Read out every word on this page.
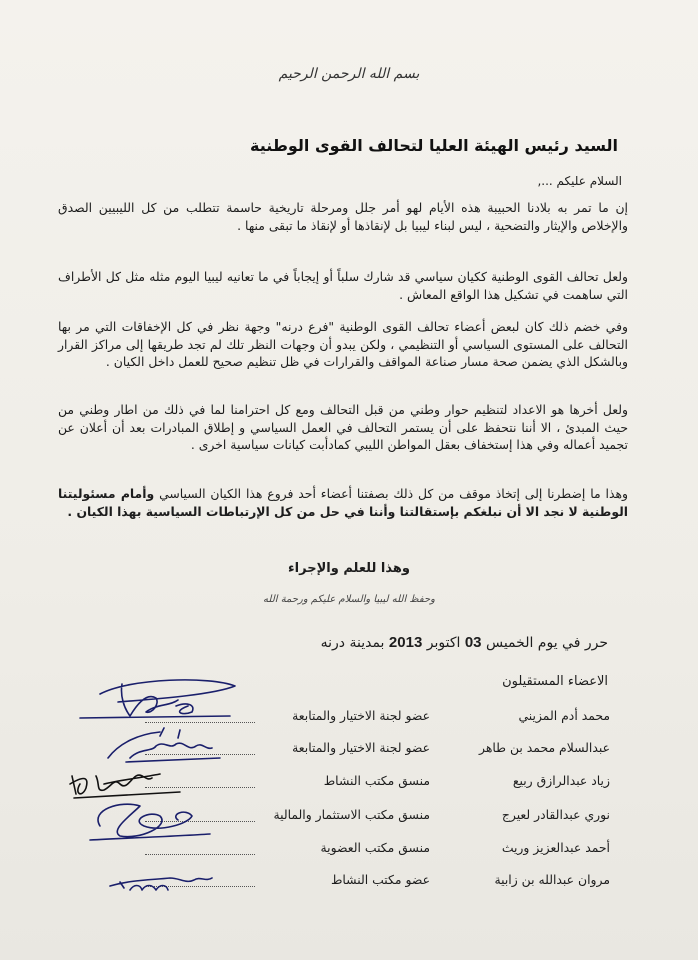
بسم الله الرحمن الرحيم
السيد رئيس الهيئة العليا لتحالف القوى الوطنية
السلام عليكم ...,

إن ما تمر به بلادنا الحبيبة هذه الأيام لهو أمر جلل ومرحلة تاريخية حاسمة تتطلب من كل الليبيين الصدق والإخلاص والإيثار والتضحية ، ليس لبناء ليبيا بل لإنقاذها أو لإنقاذ ما تبقى منها .

ولعل تحالف القوى الوطنية ككيان سياسي قد شارك سلباً أو إيجاباً في ما تعانيه ليبيا اليوم مثله مثل كل الأطراف التي ساهمت في تشكيل هذا الواقع المعاش .

وفي خضم ذلك كان لبعض أعضاء تحالف القوى الوطنية "فرع درنه" وجهة نظر في كل الإخفاقات التي مر بها التحالف على المستوى السياسي أو التنظيمي ، ولكن يبدو أن وجهات النظر تلك لم تجد طريقها إلى مراكز القرار وبالشكل الذي يضمن صحة مسار صناعة المواقف والقرارات في ظل تنظيم صحيح للعمل داخل الكيان .

ولعل أخرها هو الاعداد لتنظيم حوار وطني من قبل التحالف ومع كل احترامنا لما في ذلك من اطار وطني من حيث المبدئ ، الا أننا نتحفظ على أن يستمر التحالف في العمل السياسي و إطلاق المبادرات بعد أن أعلان عن تجميد أعماله وفي هذا إستخفاف بعقل المواطن الليبي كمادأبت كيانات سياسية اخرى .

وهذا ما إضطرنا إلى إتخاذ موقف من كل ذلك بصفتنا أعضاء أحد فروع هذا الكيان السياسي وأمام مسئوليتنا الوطنية لا نجد الا أن نبلغكم بإستقالتنا وأننا في حل من كل الإرتباطات السياسية بهذا الكيان .

وهذا للعلم والإجراء
وحفظ الله ليبيا والسلام عليكم ورحمة الله
حرر في يوم الخميس 03 اكتوبر 2013 بمدينة درنه
الاعضاء المستقيلون
محمد أدم المزيني
عضو لجنة الاختيار والمتابعة
عبدالسلام محمد بن طاهر
عضو لجنة الاختيار والمتابعة
زياد عبدالرازق ربيع
منسق مكتب النشاط
نوري عبدالقادر لعيرج
منسق مكتب الاستثمار والمالية
أحمد عبدالعزيز وريث
منسق مكتب العضوية
مروان عبدالله بن زابية
عضو مكتب النشاط
